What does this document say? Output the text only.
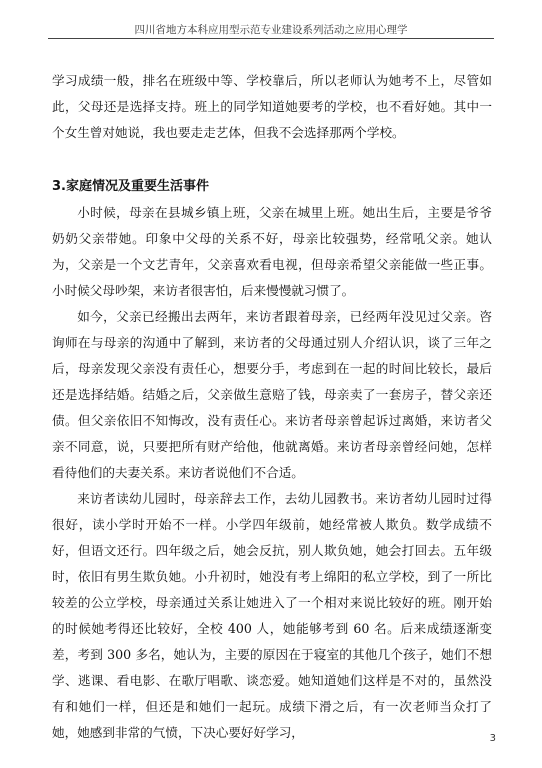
四川省地方本科应用型示范专业建设系列活动之应用心理学

学习成绩一般，排名在班级中等、学校靠后，所以老师认为她考不上，尽管如此，父母还是选择支持。班上的同学知道她要考的学校，也不看好她。其中一个女生曾对她说，我也要走走艺体，但我不会选择那两个学校。

3.家庭情况及重要生活事件

小时候，母亲在县城乡镇上班，父亲在城里上班。她出生后，主要是爷爷奶奶父亲带她。印象中父母的关系不好，母亲比较强势，经常吼父亲。她认为，父亲是一个文艺青年，父亲喜欢看电视，但母亲希望父亲能做一些正事。小时候父母吵架，来访者很害怕，后来慢慢就习惯了。

如今，父亲已经搬出去两年，来访者跟着母亲，已经两年没见过父亲。咨询师在与母亲的沟通中了解到，来访者的父母通过别人介绍认识，谈了三年之后，母亲发现父亲没有责任心，想要分手，考虑到在一起的时间比较长，最后还是选择结婚。结婚之后，父亲做生意赔了钱，母亲卖了一套房子，替父亲还债。但父亲依旧不知悔改，没有责任心。来访者母亲曾起诉过离婚，来访者父亲不同意，说，只要把所有财产给他，他就离婚。来访者母亲曾经问她，怎样看待他们的夫妻关系。来访者说他们不合适。

来访者读幼儿园时，母亲辞去工作，去幼儿园教书。来访者幼儿园时过得很好，读小学时开始不一样。小学四年级前，她经常被人欺负。数学成绩不好，但语文还行。四年级之后，她会反抗，别人欺负她，她会打回去。五年级时，依旧有男生欺负她。小升初时，她没有考上绵阳的私立学校，到了一所比较差的公立学校，母亲通过关系让她进入了一个相对来说比较好的班。刚开始的时候她考得还比较好，全校 400 人，她能够考到 60 名。后来成绩逐渐变差，考到 300 多名，她认为，主要的原因在于寝室的其他几个孩子，她们不想学、逃课、看电影、在歌厅唱歌、谈恋爱。她知道她们这样是不对的，虽然没有和她们一样，但还是和她们一起玩。成绩下滑之后，有一次老师当众打了她，她感到非常的气愤，下决心要好好学习，	3
